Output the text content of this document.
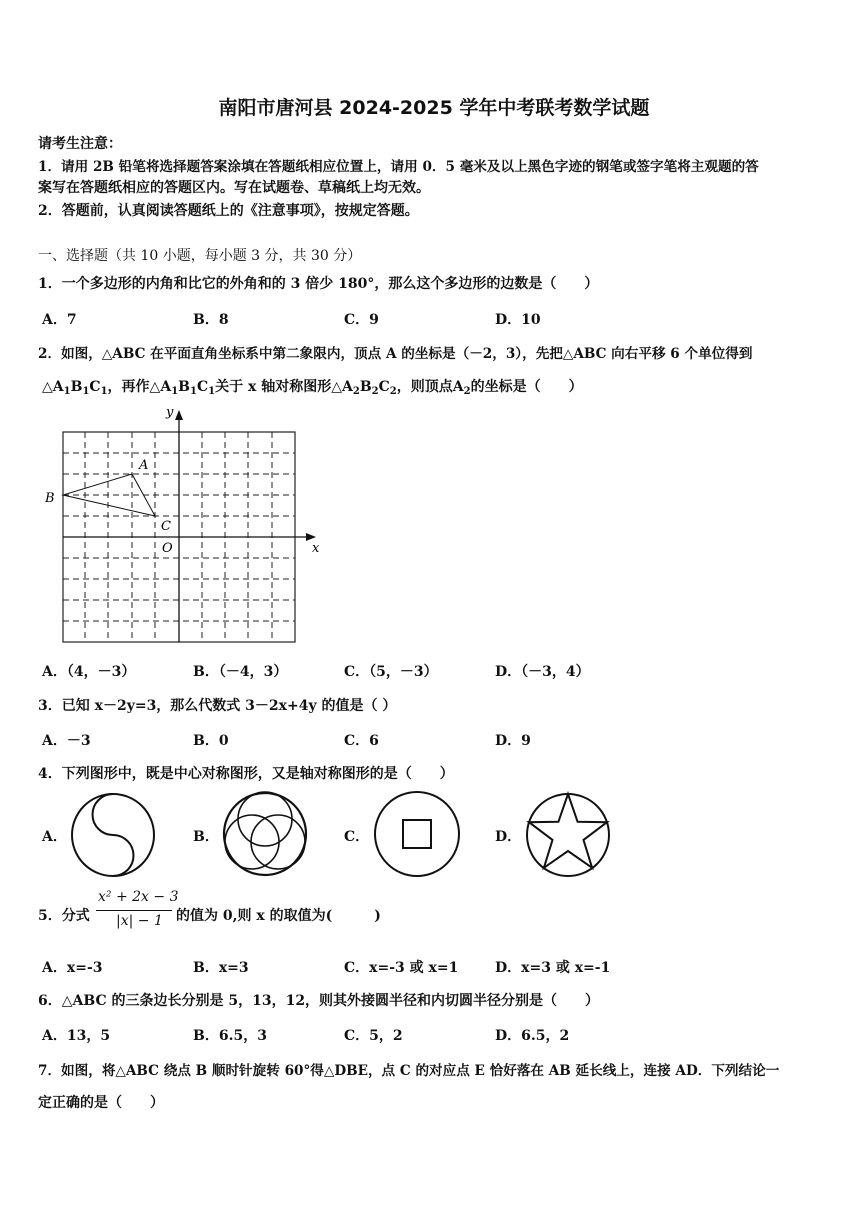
南阳市唐河县 2024-2025 学年中考联考数学试题
请考生注意：
1．请用 2B 铅笔将选择题答案涂填在答题纸相应位置上，请用 0．5 毫米及以上黑色字迹的钢笔或签字笔将主观题的答
案写在答题纸相应的答题区内。写在试题卷、草稿纸上均无效。
2．答题前，认真阅读答题纸上的《注意事项》，按规定答题。
一、选择题（共 10 小题，每小题 3 分，共 30 分）
1．一个多边形的内角和比它的外角和的 3 倍少 180°，那么这个多边形的边数是（　　）
A．7	B．8	C．9	D．10
2．如图，△ABC 在平面直角坐标系中第二象限内，顶点 A 的坐标是（－2，3），先把△ABC 向右平移 6 个单位得到
$\triangle A_1B_1C_1$，再作$\triangle A_1B_1C_1$关于 x 轴对称图形$\triangle A_2B_2C_2$，则顶点$A_2$的坐标是（　　）
y
x
A
B
C
O
A．（4，－3）	B．（－4，3）	C．（5，－3）	D．（－3，4）
3．已知 x－2y=3，那么代数式 3－2x+4y 的值是（ ）
A．－3	B．0	C．6	D．9
4．下列图形中，既是中心对称图形，又是轴对称图形的是（　　）
A．	B．	C．	D．
5．分式
x² + 2x − 3
|x| − 1 的值为 0,则 x 的取值为(　　　)
A．x=-3	B．x=3	C．x=-3 或 x=1	D．x=3 或 x=-1
6．△ABC 的三条边长分别是 5，13，12，则其外接圆半径和内切圆半径分别是（　　）
A．13，5	B．6.5，3	C．5，2	D．6.5，2
7．如图，将△ABC 绕点 B 顺时针旋转 60°得△DBE，点 C 的对应点 E 恰好落在 AB 延长线上，连接 AD．下列结论一
定正确的是（　　）
